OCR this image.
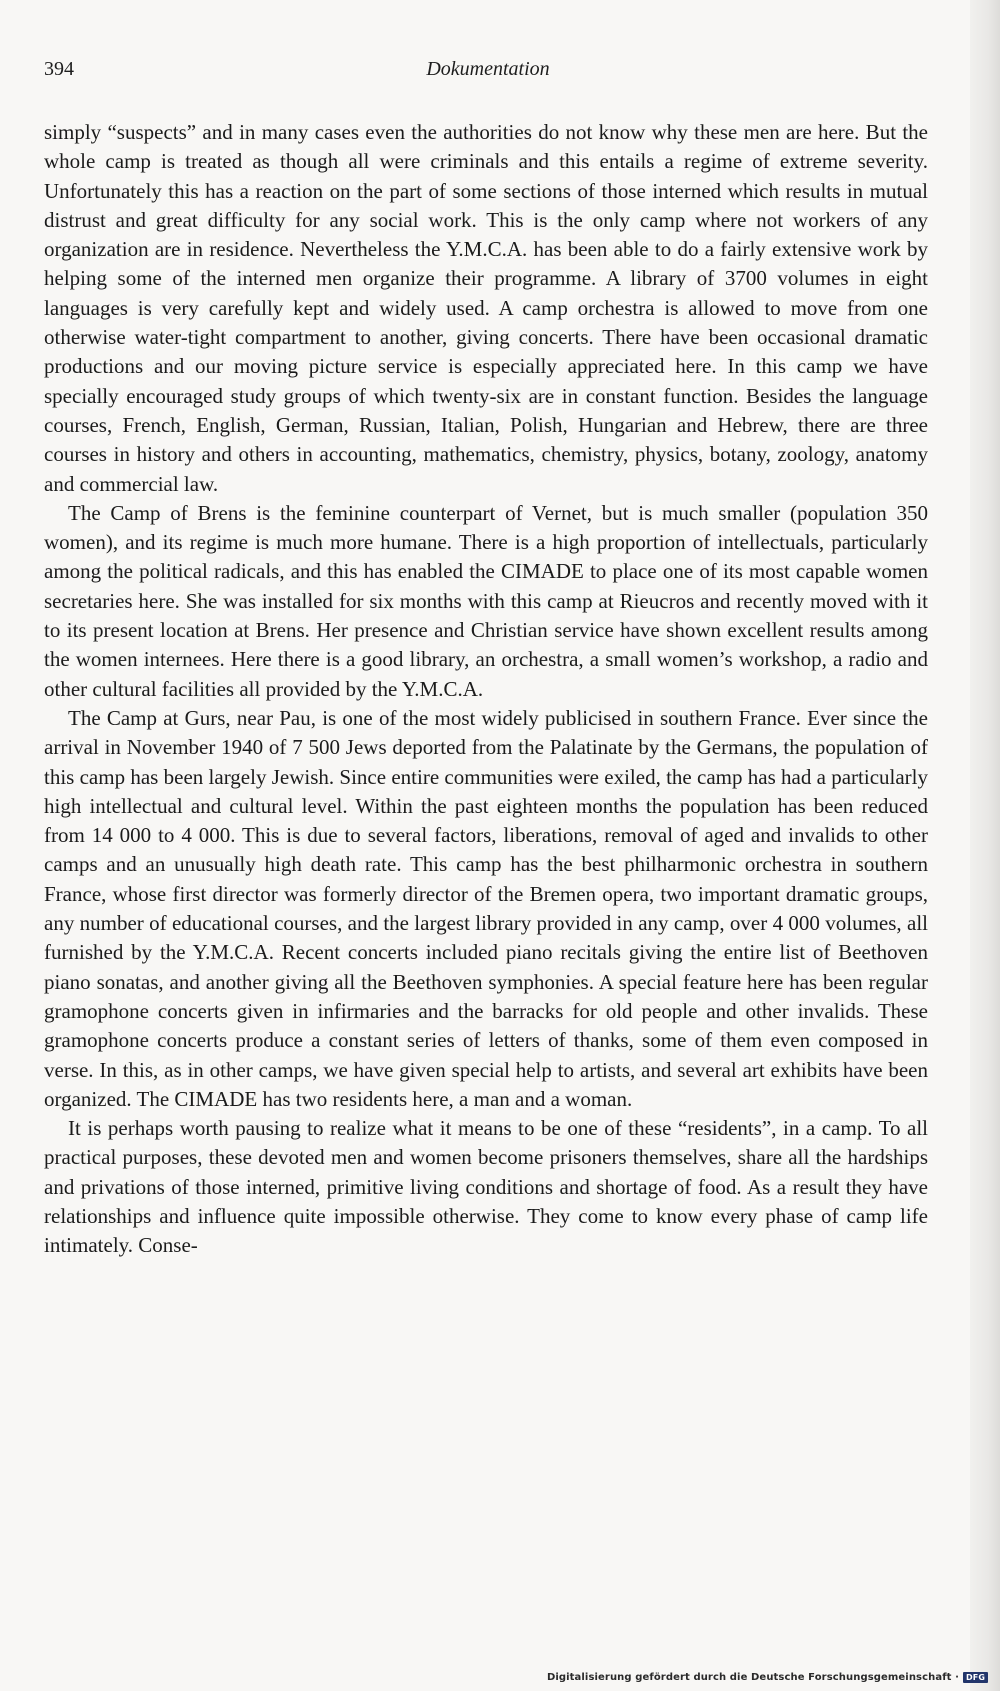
394	Dokumentation

simply “suspects” and in many cases even the authorities do not know why these men are here. But the whole camp is treated as though all were criminals and this entails a regime of extreme severity. Unfortunately this has a reaction on the part of some sections of those interned which results in mutual distrust and great difficulty for any social work. This is the only camp where not workers of any organization are in residence. Nevertheless the Y.M.C.A. has been able to do a fairly extensive work by helping some of the interned men organize their programme. A library of 3700 volumes in eight languages is very carefully kept and widely used. A camp orchestra is allowed to move from one otherwise water-tight compartment to another, giving concerts. There have been occasional dramatic productions and our moving picture service is especially appreciated here. In this camp we have specially encouraged study groups of which twenty-six are in constant function. Besides the language courses, French, English, German, Russian, Italian, Polish, Hungarian and Hebrew, there are three courses in history and others in accounting, mathematics, chemistry, physics, botany, zoology, anatomy and commercial law.

The Camp of Brens is the feminine counterpart of Vernet, but is much smaller (population 350 women), and its regime is much more humane. There is a high proportion of intellectuals, particularly among the political radicals, and this has enabled the CIMADE to place one of its most capable women secretaries here. She was installed for six months with this camp at Rieucros and recently moved with it to its present location at Brens. Her presence and Christian service have shown excellent results among the women internees. Here there is a good library, an orchestra, a small women’s workshop, a radio and other cultural facilities all provided by the Y.M.C.A.

The Camp at Gurs, near Pau, is one of the most widely publicised in southern France. Ever since the arrival in November 1940 of 7 500 Jews deported from the Palatinate by the Germans, the population of this camp has been largely Jewish. Since entire communities were exiled, the camp has had a particularly high intellectual and cultural level. Within the past eighteen months the population has been reduced from 14 000 to 4 000. This is due to several factors, liberations, removal of aged and invalids to other camps and an unusually high death rate. This camp has the best philharmonic orchestra in southern France, whose first director was formerly director of the Bremen opera, two important dramatic groups, any number of educational courses, and the largest library provided in any camp, over 4 000 volumes, all furnished by the Y.M.C.A. Recent concerts included piano recitals giving the entire list of Beethoven piano sonatas, and another giving all the Beethoven symphonies. A special feature here has been regular gramophone concerts given in infirmaries and the barracks for old people and other invalids. These gramophone concerts produce a constant series of letters of thanks, some of them even composed in verse. In this, as in other camps, we have given special help to artists, and several art exhibits have been organized. The CIMADE has two residents here, a man and a woman.

It is perhaps worth pausing to realize what it means to be one of these “residents”, in a camp. To all practical purposes, these devoted men and women become prisoners themselves, share all the hardships and privations of those interned, primitive living conditions and shortage of food. As a result they have relationships and influence quite impossible otherwise. They come to know every phase of camp life intimately. Conse-

Digitalisierung gefördert durch die Deutsche Forschungsgemeinschaft · DFG
